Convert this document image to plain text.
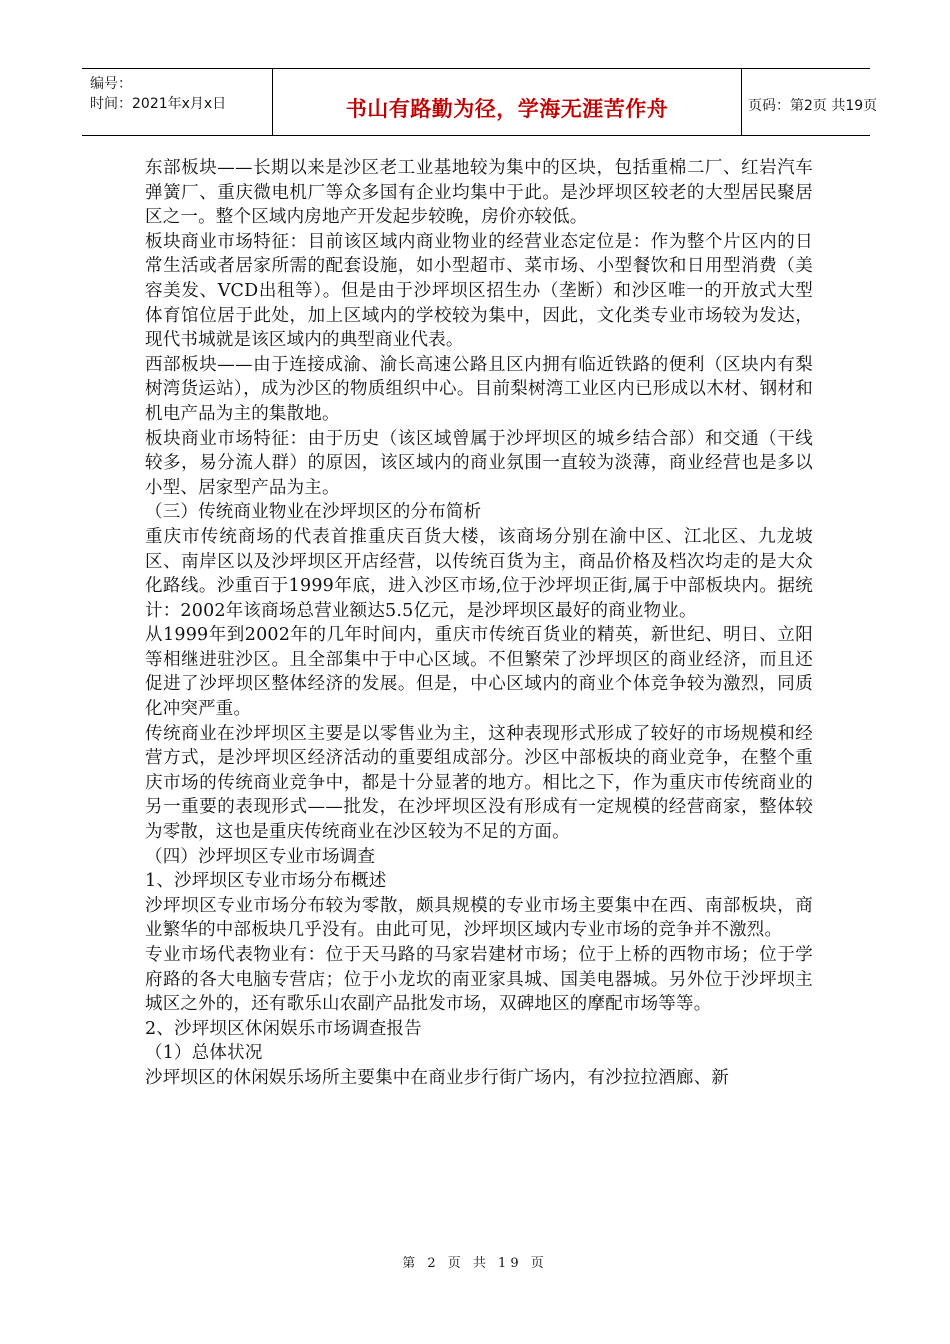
编号：
时间：2021年x月x日	书山有路勤为径，学海无涯苦作舟	页码：第2页 共19页

东部板块——长期以来是沙区老工业基地较为集中的区块，包括重棉二厂、红岩汽车弹簧厂、重庆微电机厂等众多国有企业均集中于此。是沙坪坝区较老的大型居民聚居区之一。整个区域内房地产开发起步较晚，房价亦较低。

板块商业市场特征：目前该区域内商业物业的经营业态定位是：作为整个片区内的日常生活或者居家所需的配套设施，如小型超市、菜市场、小型餐饮和日用型消费（美容美发、VCD出租等）。但是由于沙坪坝区招生办（垄断）和沙区唯一的开放式大型体育馆位居于此处，加上区域内的学校较为集中，因此，文化类专业市场较为发达，现代书城就是该区域内的典型商业代表。

西部板块——由于连接成渝、渝长高速公路且区内拥有临近铁路的便利（区块内有梨树湾货运站），成为沙区的物质组织中心。目前梨树湾工业区内已形成以木材、钢材和机电产品为主的集散地。

板块商业市场特征：由于历史（该区域曾属于沙坪坝区的城乡结合部）和交通（干线较多，易分流人群）的原因，该区域内的商业氛围一直较为淡薄，商业经营也是多以小型、居家型产品为主。

（三）传统商业物业在沙坪坝区的分布简析

重庆市传统商场的代表首推重庆百货大楼，该商场分别在渝中区、江北区、九龙坡区、南岸区以及沙坪坝区开店经营，以传统百货为主，商品价格及档次均走的是大众化路线。沙重百于1999年底，进入沙区市场,位于沙坪坝正街,属于中部板块内。据统计：2002年该商场总营业额达5.5亿元，是沙坪坝区最好的商业物业。

从1999年到2002年的几年时间内，重庆市传统百货业的精英，新世纪、明日、立阳等相继进驻沙区。且全部集中于中心区域。不但繁荣了沙坪坝区的商业经济，而且还促进了沙坪坝区整体经济的发展。但是，中心区域内的商业个体竞争较为激烈，同质化冲突严重。

传统商业在沙坪坝区主要是以零售业为主，这种表现形式形成了较好的市场规模和经营方式，是沙坪坝区经济活动的重要组成部分。沙区中部板块的商业竞争，在整个重庆市场的传统商业竞争中，都是十分显著的地方。相比之下，作为重庆市传统商业的另一重要的表现形式——批发，在沙坪坝区没有形成有一定规模的经营商家，整体较为零散，这也是重庆传统商业在沙区较为不足的方面。

（四）沙坪坝区专业市场调查

1、沙坪坝区专业市场分布概述

沙坪坝区专业市场分布较为零散，颇具规模的专业市场主要集中在西、南部板块，商业繁华的中部板块几乎没有。由此可见，沙坪坝区域内专业市场的竞争并不激烈。

专业市场代表物业有：位于天马路的马家岩建材市场；位于上桥的西物市场；位于学府路的各大电脑专营店；位于小龙坎的南亚家具城、国美电器城。另外位于沙坪坝主城区之外的，还有歌乐山农副产品批发市场，双碑地区的摩配市场等等。

2、沙坪坝区休闲娱乐市场调查报告

（1）总体状况

沙坪坝区的休闲娱乐场所主要集中在商业步行街广场内，有沙拉拉酒廊、新

第 2 页 共 19 页
